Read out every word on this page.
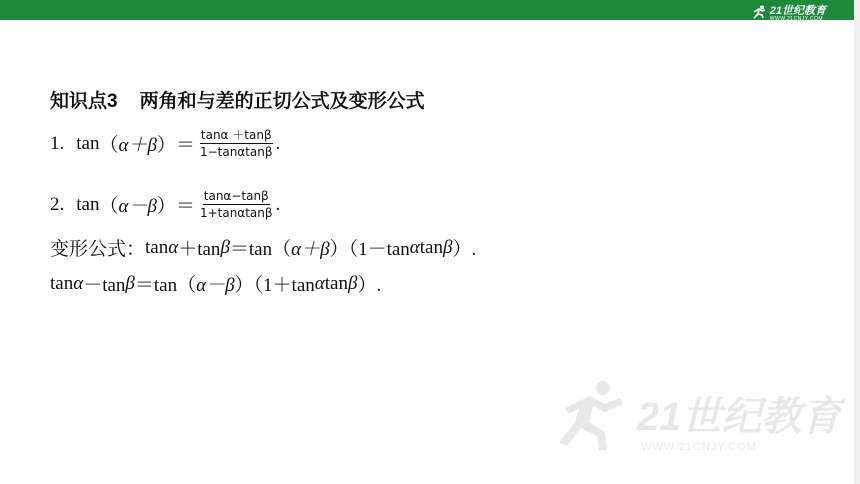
21世纪教育
WWW.21CNJY.COM
知识点3 两角和与差的正切公式及变形公式
1. tan （ α＋β ） ＝ $\frac{\tan\alpha +\tan\beta}{1-\tan\alpha\tan\beta}$ .
2. tan （ α－β ） ＝ $\frac{\tan\alpha-\tan\beta}{1+\tan\alpha\tan\beta}$ .
变形公式： tan α ＋tan β ＝tan（ α＋β ）（1－tan α tan β ）.
tan α －tan β ＝tan（ α－β ）（1＋tan α tan β ）.
21世纪教育
WWW.21CNJY.COM
